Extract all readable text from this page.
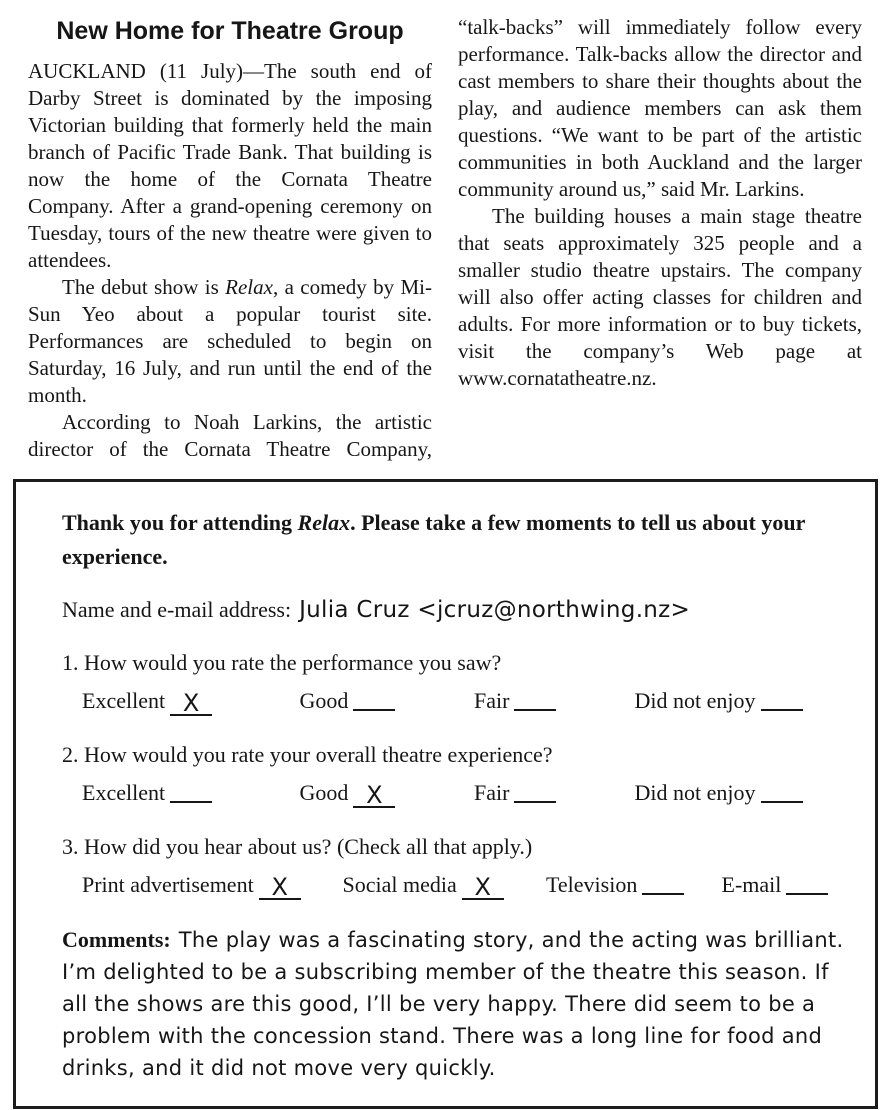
New Home for Theatre Group

AUCKLAND (11 July)—The south end of Darby Street is dominated by the imposing Victorian building that formerly held the main branch of Pacific Trade Bank. That building is now the home of the Cornata Theatre Company. After a grand-opening ceremony on Tuesday, tours of the new theatre were given to attendees.

The debut show is Relax, a comedy by Mi-Sun Yeo about a popular tourist site. Performances are scheduled to begin on Saturday, 16 July, and run until the end of the month.

According to Noah Larkins, the artistic director of the Cornata Theatre Company,

“talk-backs” will immediately follow every performance. Talk-backs allow the director and cast members to share their thoughts about the play, and audience members can ask them questions. “We want to be part of the artistic communities in both Auckland and the larger community around us,” said Mr. Larkins.

The building houses a main stage theatre that seats approximately 325 people and a smaller studio theatre upstairs. The company will also offer acting classes for children and adults. For more information or to buy tickets, visit the company’s Web page at www.cornatatheatre.nz.

Thank you for attending Relax. Please take a few moments to tell us about your experience.

Name and e-mail address: Julia Cruz <jcruz@northwing.nz>

1. How would you rate the performance you saw?

Excellent X	Good	Fair	Did not enjoy

2. How would you rate your overall theatre experience?

Excellent	Good X	Fair	Did not enjoy

3. How did you hear about us? (Check all that apply.)

Print advertisement X Social media X	Television	E-mail
Comments: The play was a fascinating story, and the acting was brilliant. I’m delighted to be a subscribing member of the theatre this season. If all the shows are this good, I’ll be very happy. There did seem to be a problem with the concession stand. There was a long line for food and drinks, and it did not move very quickly.
